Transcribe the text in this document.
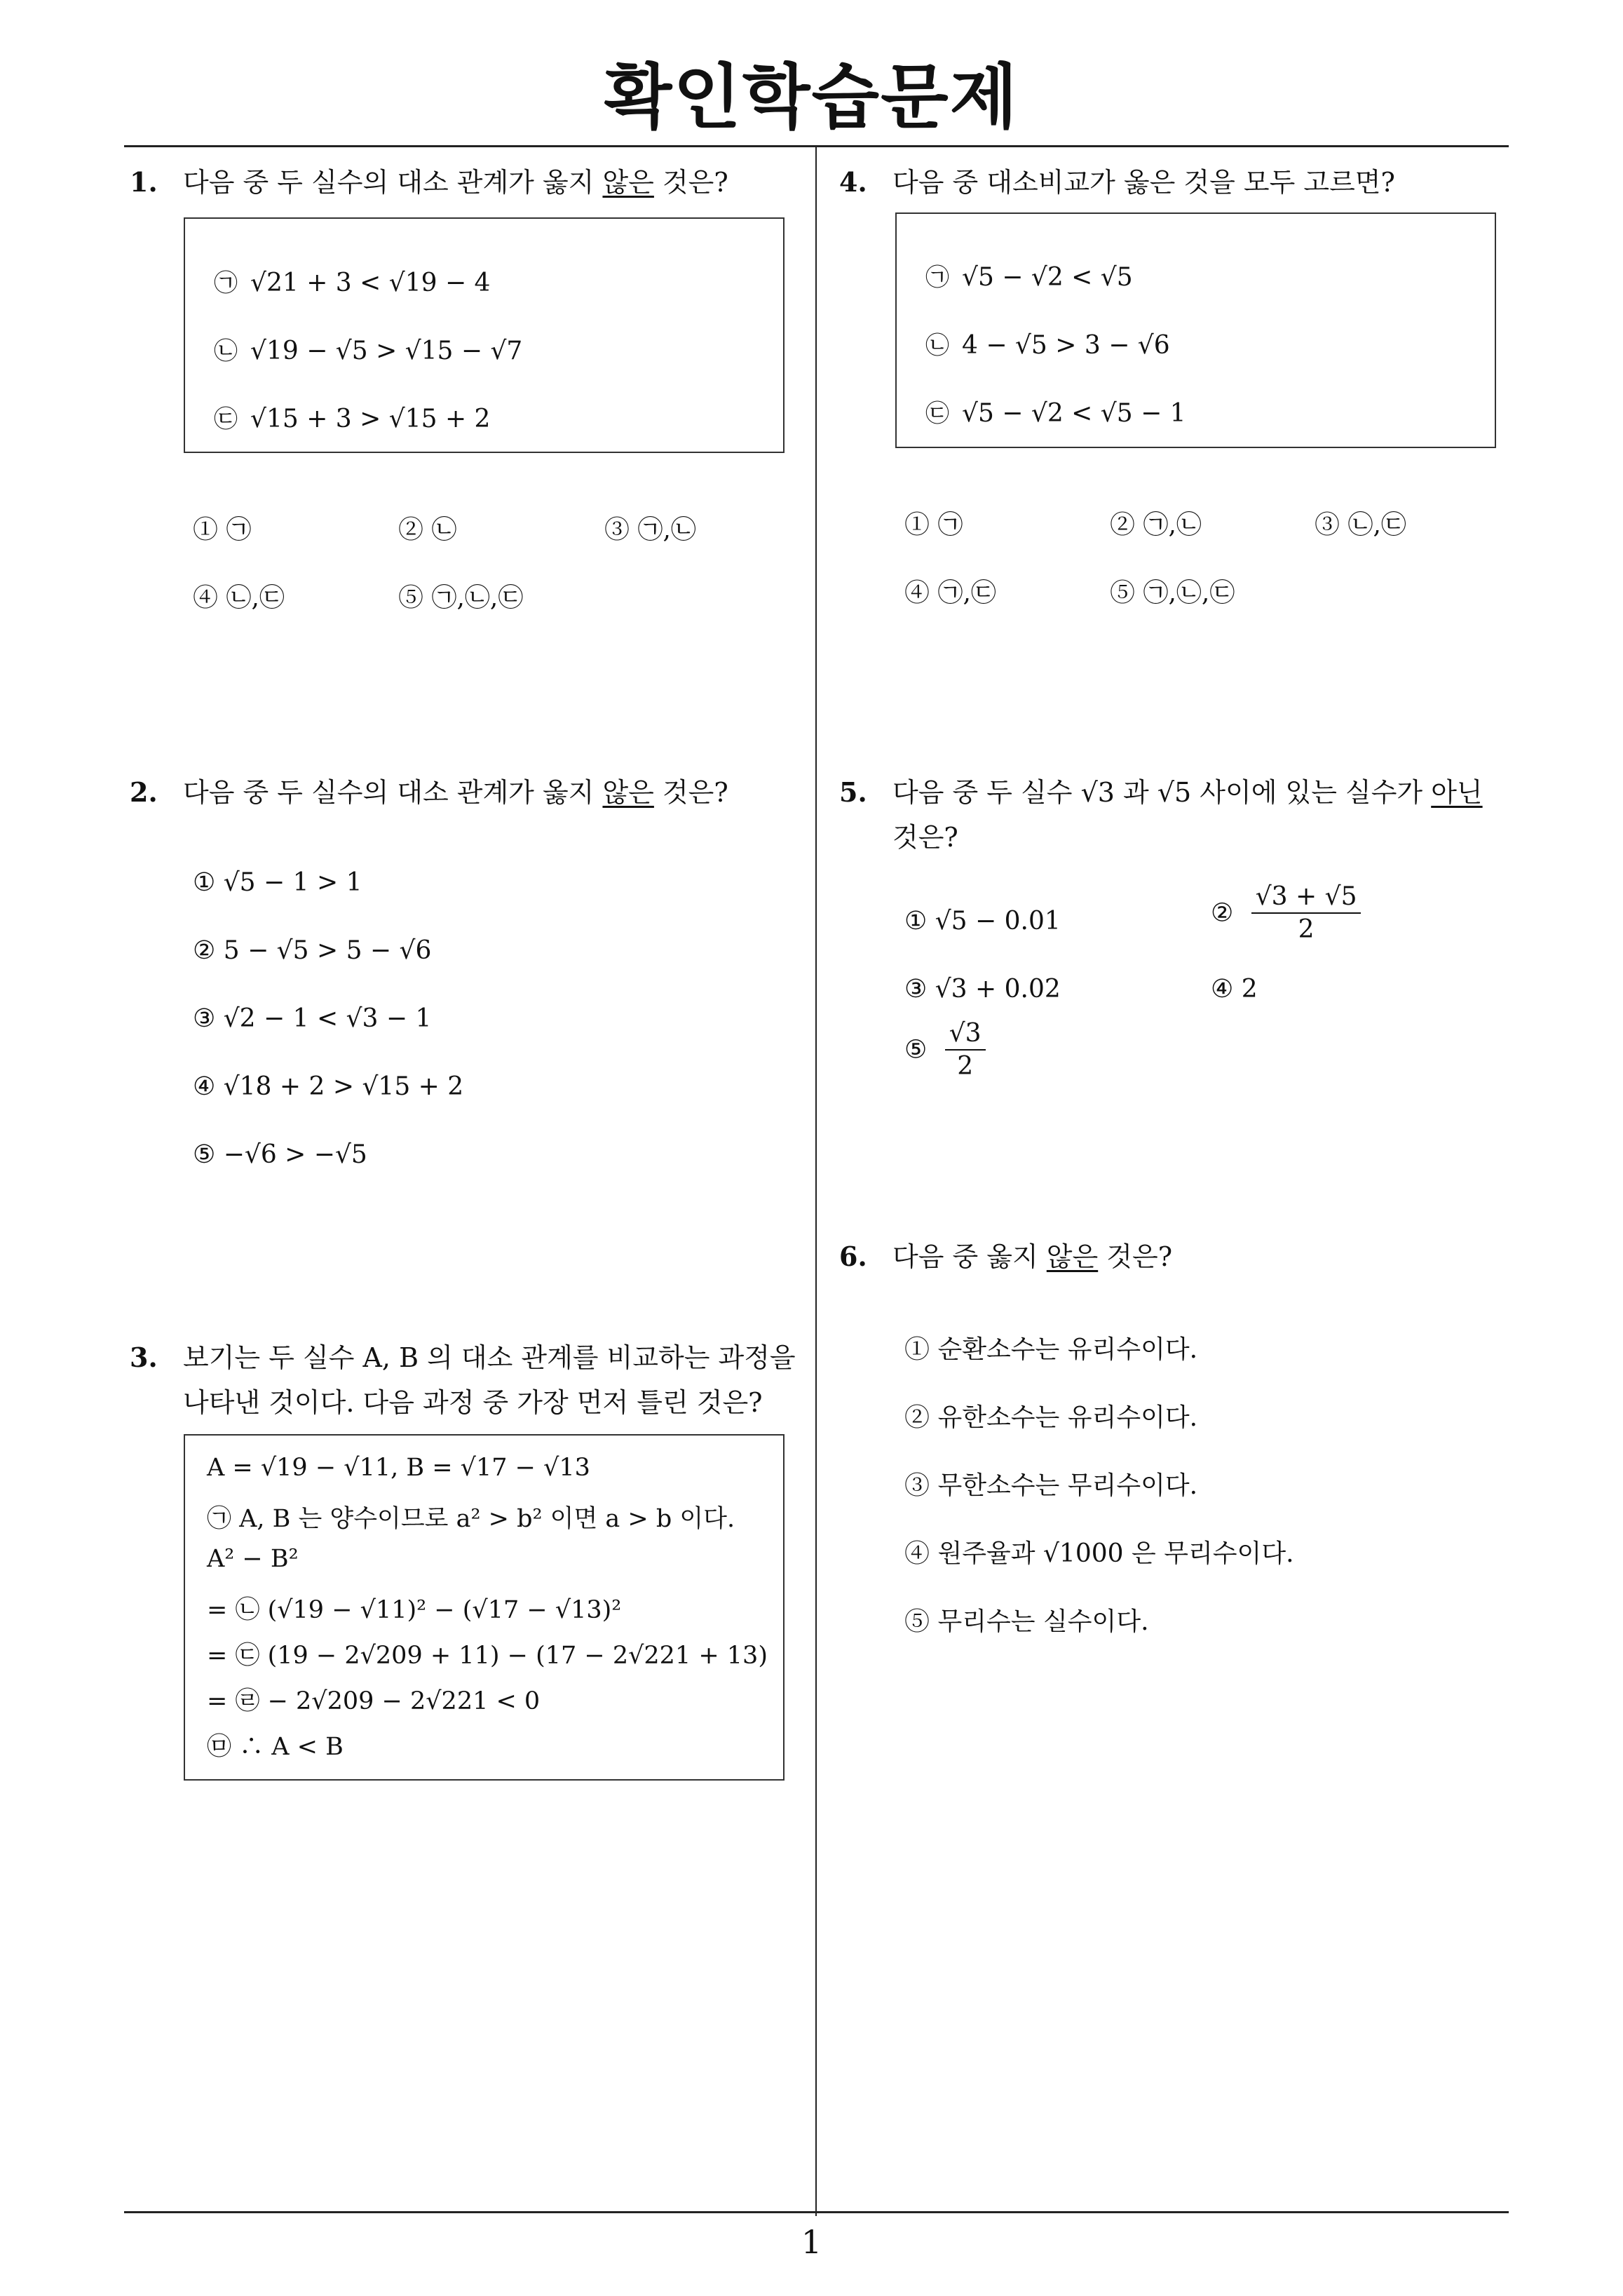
확인학습문제
1
1. 다음 중 두 실수의 대소 관계가 옳지 않은 것은?
㉠ √21 + 3 < √19 − 4
㉡ √19 − √5 > √15 − √7
㉢ √15 + 3 > √15 + 2
① ㉠	② ㉡	③ ㉠,㉡
④ ㉡,㉢	⑤ ㉠,㉡,㉢
2. 다음 중 두 실수의 대소 관계가 옳지 않은 것은?
① √5 − 1 > 1
② 5 − √5 > 5 − √6
③ √2 − 1 < √3 − 1
④ √18 + 2 > √15 + 2
⑤ −√6 > −√5
3. 보기는 두 실수 A, B 의 대소 관계를 비교하는 과정을
나타낸 것이다. 다음 과정 중 가장 먼저 틀린 것은?
A = √19 − √11, B = √17 − √13
㉠ A, B 는 양수이므로 a² > b² 이면 a > b 이다.
A² − B²
= ㉡ (√19 − √11)² − (√17 − √13)²
= ㉢ (19 − 2√209 + 11) − (17 − 2√221 + 13)
= ㉣ − 2√209 − 2√221 < 0
㉤ ∴ A < B
4. 다음 중 대소비교가 옳은 것을 모두 고르면?
㉠ √5 − √2 < √5
㉡ 4 − √5 > 3 − √6
㉢ √5 − √2 < √5 − 1
① ㉠	② ㉠,㉡	③ ㉡,㉢
④ ㉠,㉢	⑤ ㉠,㉡,㉢
5. 다음 중 두 실수 √3 과 √5 사이에 있는 실수가 아닌
것은?
① √5 − 0.01	② $\frac{√3 + √5}{2}$
③ √3 + 0.02	④ 2
⑤ $\frac{√3}{2}$
6. 다음 중 옳지 않은 것은?
① 순환소수는 유리수이다.
② 유한소수는 유리수이다.
③ 무한소수는 무리수이다.
④ 원주율과 √1000 은 무리수이다.
⑤ 무리수는 실수이다.
